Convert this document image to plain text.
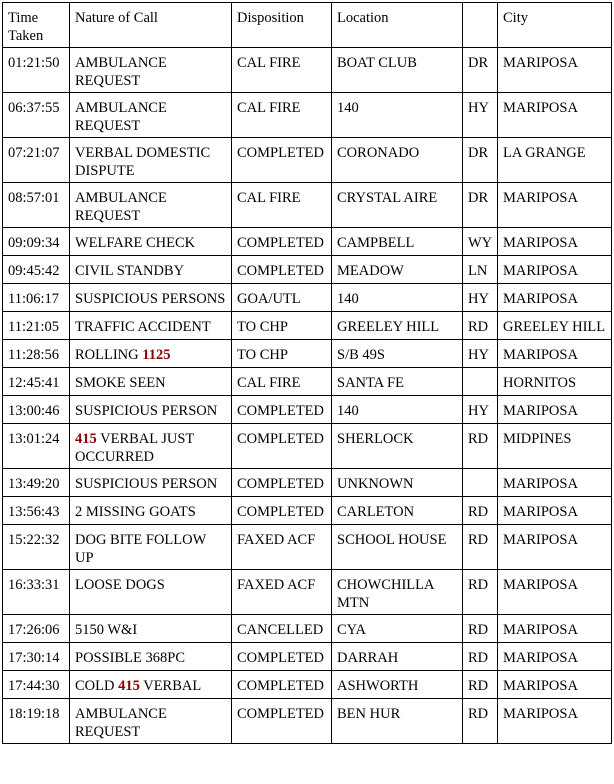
Time Taken	Nature of Call	Disposition	Location		City
01:21:50	AMBULANCE REQUEST	CAL FIRE	BOAT CLUB	DR	MARIPOSA
06:37:55	AMBULANCE REQUEST	CAL FIRE	140	HY	MARIPOSA
07:21:07	VERBAL DOMESTIC DISPUTE	COMPLETED	CORONADO	DR	LA GRANGE
08:57:01	AMBULANCE REQUEST	CAL FIRE	CRYSTAL AIRE	DR	MARIPOSA
09:09:34	WELFARE CHECK	COMPLETED	CAMPBELL	WY	MARIPOSA
09:45:42	CIVIL STANDBY	COMPLETED	MEADOW	LN	MARIPOSA
11:06:17	SUSPICIOUS PERSONS	GOA/UTL	140	HY	MARIPOSA
11:21:05	TRAFFIC ACCIDENT	TO CHP	GREELEY HILL	RD	GREELEY HILL
11:28:56	ROLLING 1125	TO CHP	S/B 49S	HY	MARIPOSA
12:45:41	SMOKE SEEN	CAL FIRE	SANTA FE		HORNITOS
13:00:46	SUSPICIOUS PERSON	COMPLETED	140	HY	MARIPOSA
13:01:24	415 VERBAL JUST OCCURRED	COMPLETED	SHERLOCK	RD	MIDPINES
13:49:20	SUSPICIOUS PERSON	COMPLETED	UNKNOWN		MARIPOSA
13:56:43	2 MISSING GOATS	COMPLETED	CARLETON	RD	MARIPOSA
15:22:32	DOG BITE FOLLOW UP	FAXED ACF	SCHOOL HOUSE	RD	MARIPOSA
16:33:31	LOOSE DOGS	FAXED ACF	CHOWCHILLA MTN	RD	MARIPOSA
17:26:06	5150 W&I	CANCELLED	CYA	RD	MARIPOSA
17:30:14	POSSIBLE 368PC	COMPLETED	DARRAH	RD	MARIPOSA
17:44:30	COLD 415 VERBAL	COMPLETED	ASHWORTH	RD	MARIPOSA
18:19:18	AMBULANCE REQUEST	COMPLETED	BEN HUR	RD	MARIPOSA
